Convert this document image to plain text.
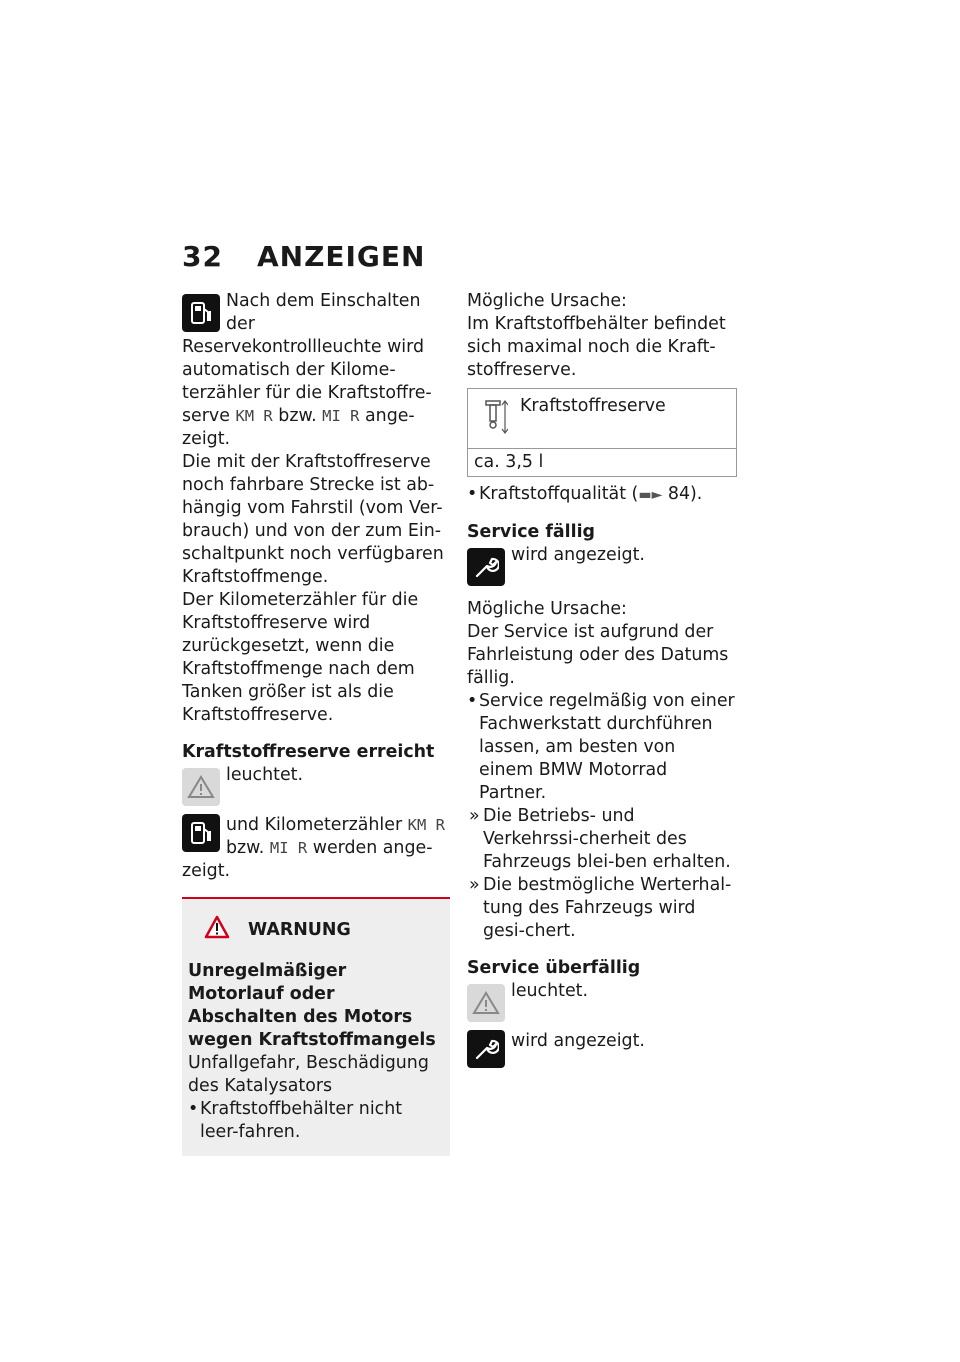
32 ANZEIGEN

Nach dem Einschalten der Reservekontrollleuchte wird automatisch der Kilome-terzähler für die Kraftstoffre-serve KM R bzw. MI R ange-zeigt.

Die mit der Kraftstoffreserve noch fahrbare Strecke ist ab-hängig vom Fahrstil (vom Ver-brauch) und von der zum Ein-schaltpunkt noch verfügbaren Kraftstoffmenge.

Der Kilometerzähler für die Kraftstoffreserve wird zurückgesetzt, wenn die Kraftstoffmenge nach dem Tanken größer ist als die Kraftstoffreserve.

Kraftstoffreserve erreicht

leuchtet.

und Kilometerzähler KM R bzw. MI R werden ange-zeigt.

WARNUNG

Unregelmäßiger Motorlauf oder Abschalten des Motors wegen Kraftstoffmangels

Unfallgefahr, Beschädigung des Katalysators

• Kraftstoffbehälter nicht leer-fahren.

Mögliche Ursache:

Im Kraftstoffbehälter befindet sich maximal noch die Kraft-stoffreserve.

Kraftstoffreserve
ca. 3,5 l
• Kraftstoffqualität (▬► 84).

Service fällig

wird angezeigt.

Mögliche Ursache:

Der Service ist aufgrund der Fahrleistung oder des Datums fällig.

• Service regelmäßig von einer Fachwerkstatt durchführen lassen, am besten von einem BMW Motorrad Partner.
» Die Betriebs- und Verkehrssi-cherheit des Fahrzeugs blei-ben erhalten.
» Die bestmögliche Werterhal-tung des Fahrzeugs wird gesi-chert.

Service überfällig

leuchtet.

wird angezeigt.
